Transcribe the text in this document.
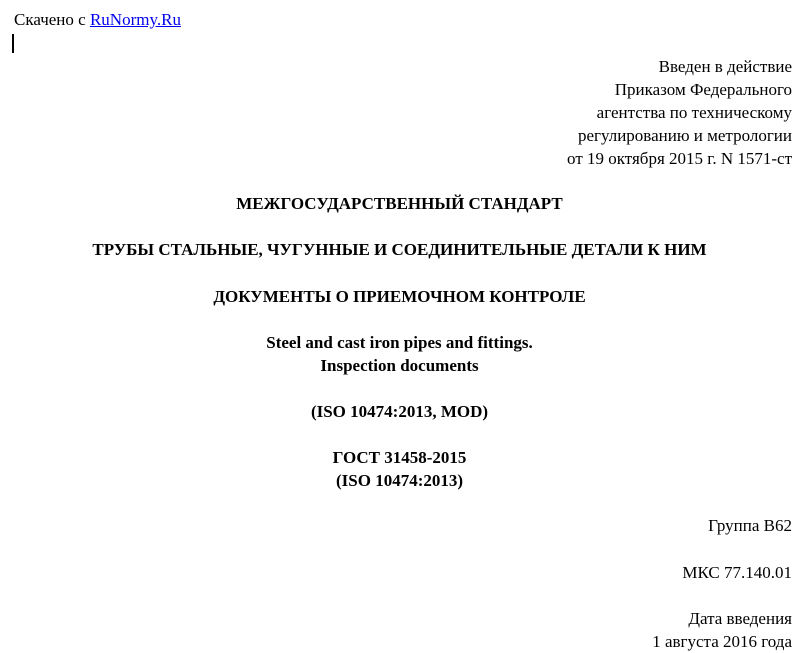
Скачено с RuNormy.Ru
Введен в действие
Приказом Федерального
агентства по техническому
регулированию и метрологии
от 19 октября 2015 г. N 1571-ст
МЕЖГОСУДАРСТВЕННЫЙ СТАНДАРТ
ТРУБЫ СТАЛЬНЫЕ, ЧУГУННЫЕ И СОЕДИНИТЕЛЬНЫЕ ДЕТАЛИ К НИМ
ДОКУМЕНТЫ О ПРИЕМОЧНОМ КОНТРОЛЕ
Steel and cast iron pipes and fittings.
Inspection documents
(ISO 10474:2013, MOD)
ГОСТ 31458-2015
(ISO 10474:2013)
Группа В62
МКС 77.140.01
Дата введения
1 августа 2016 года
